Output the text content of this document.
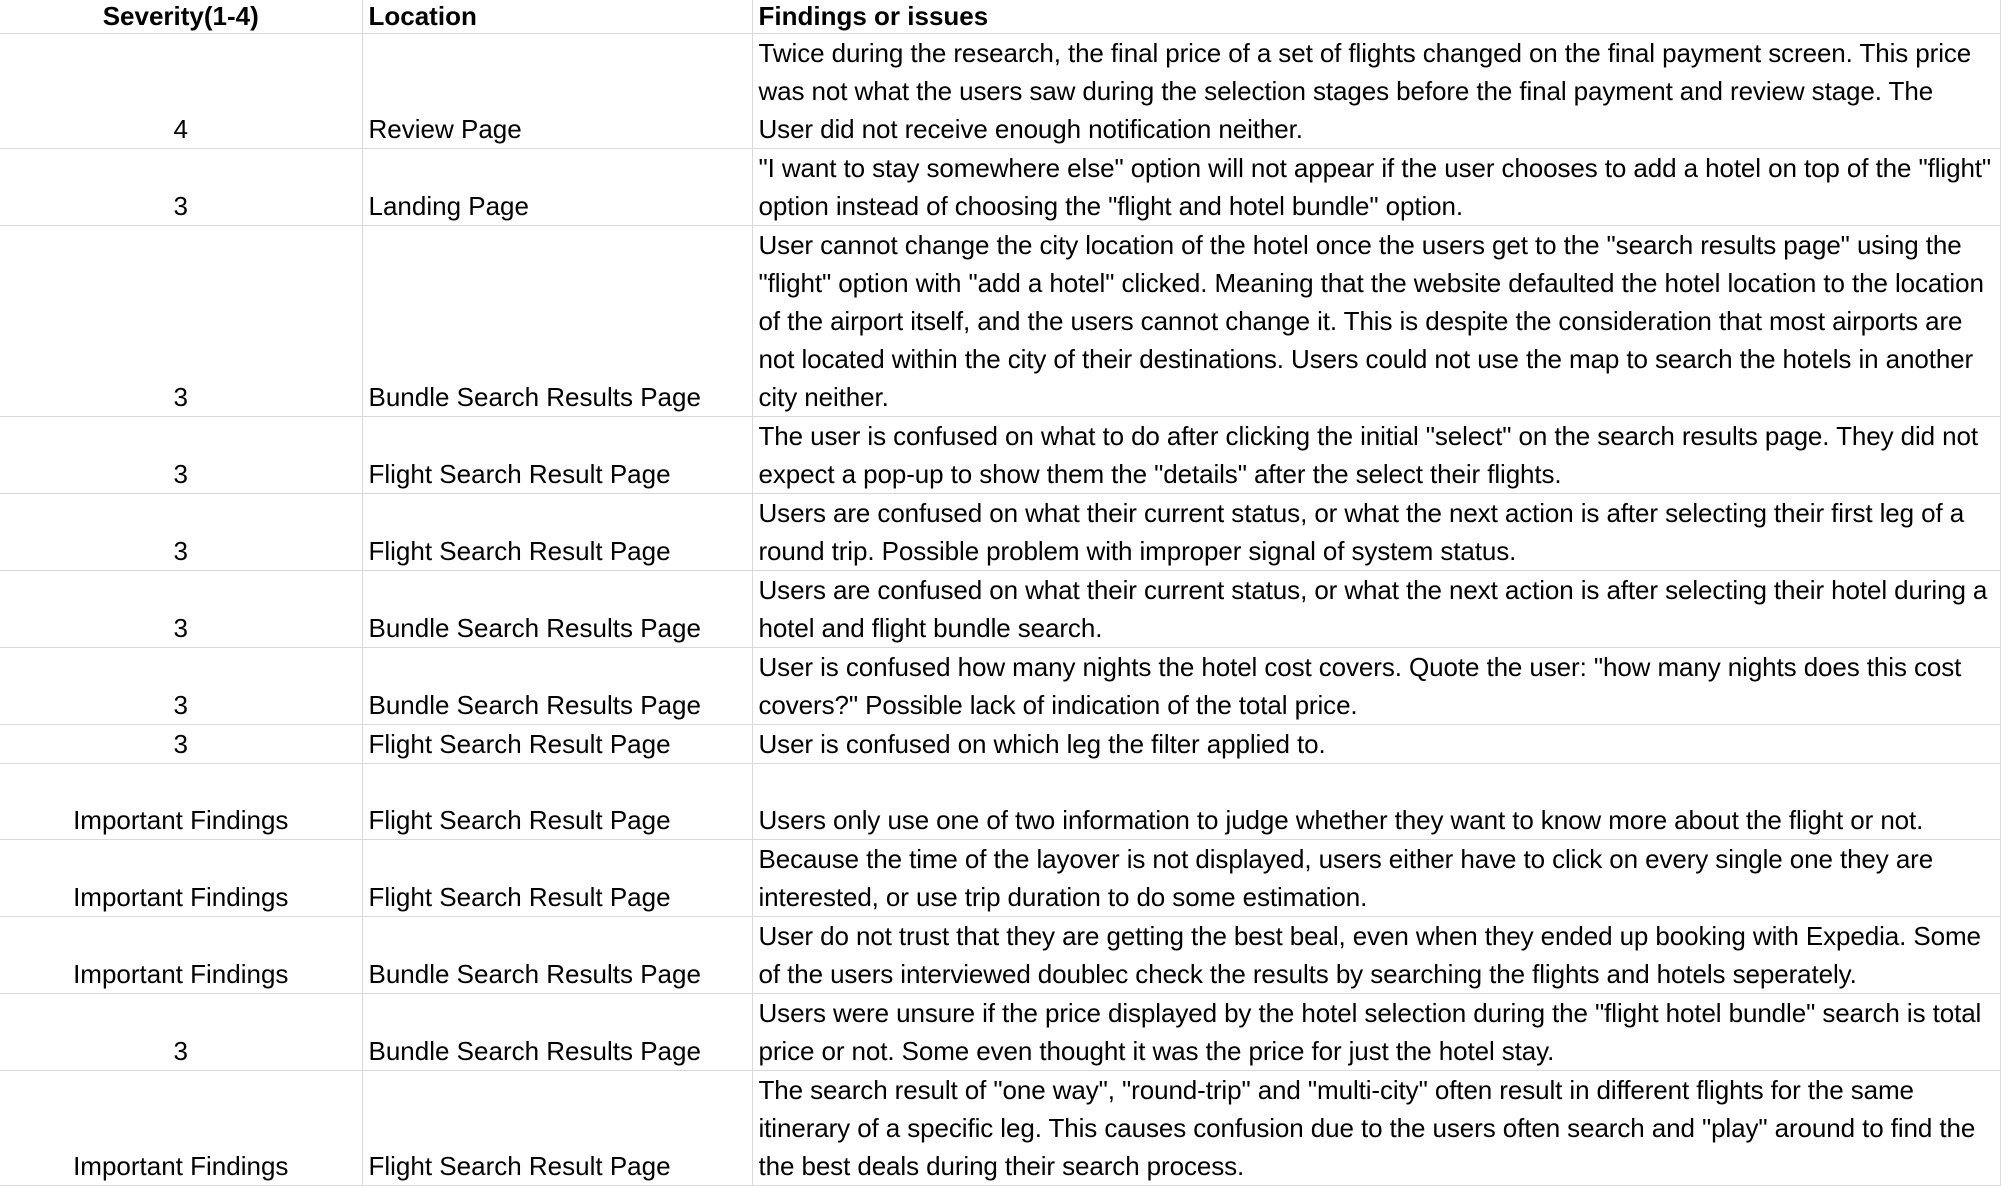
Severity(1-4)	Location	Findings or issues
4	Review Page	Twice during the research, the final price of a set of flights changed on the final payment screen. This price was not what the users saw during the selection stages before the final payment and review stage. The User did not receive enough notification neither.
3	Landing Page	"I want to stay somewhere else" option will not appear if the user chooses to add a hotel on top of the "flight" option instead of choosing the "flight and hotel bundle" option.
3	Bundle Search Results Page	User cannot change the city location of the hotel once the users get to the "search results page" using the "flight" option with "add a hotel" clicked. Meaning that the website defaulted the hotel location to the location of the airport itself, and the users cannot change it. This is despite the consideration that most airports are not located within the city of their destinations. Users could not use the map to search the hotels in another city neither.
3	Flight Search Result Page	The user is confused on what to do after clicking the initial "select" on the search results page. They did not expect a pop-up to show them the "details" after the select their flights.
3	Flight Search Result Page	Users are confused on what their current status, or what the next action is after selecting their first leg of a round trip. Possible problem with improper signal of system status.
3	Bundle Search Results Page	Users are confused on what their current status, or what the next action is after selecting their hotel during a hotel and flight bundle search.
3	Bundle Search Results Page	User is confused how many nights the hotel cost covers. Quote the user: "how many nights does this cost covers?" Possible lack of indication of the total price.
3	Flight Search Result Page	User is confused on which leg the filter applied to.
Important Findings	Flight Search Result Page	Users only use one of two information to judge whether they want to know more about the flight or not.
Important Findings	Flight Search Result Page	Because the time of the layover is not displayed, users either have to click on every single one they are interested, or use trip duration to do some estimation.
Important Findings	Bundle Search Results Page	User do not trust that they are getting the best beal, even when they ended up booking with Expedia. Some of the users interviewed doublec check the results by searching the flights and hotels seperately.
3	Bundle Search Results Page	Users were unsure if the price displayed by the hotel selection during the "flight hotel bundle" search is total price or not. Some even thought it was the price for just the hotel stay.
Important Findings	Flight Search Result Page	The search result of "one way", "round-trip" and "multi-city" often result in different flights for the same itinerary of a specific leg. This causes confusion due to the users often search and "play" around to find the the best deals during their search process.
